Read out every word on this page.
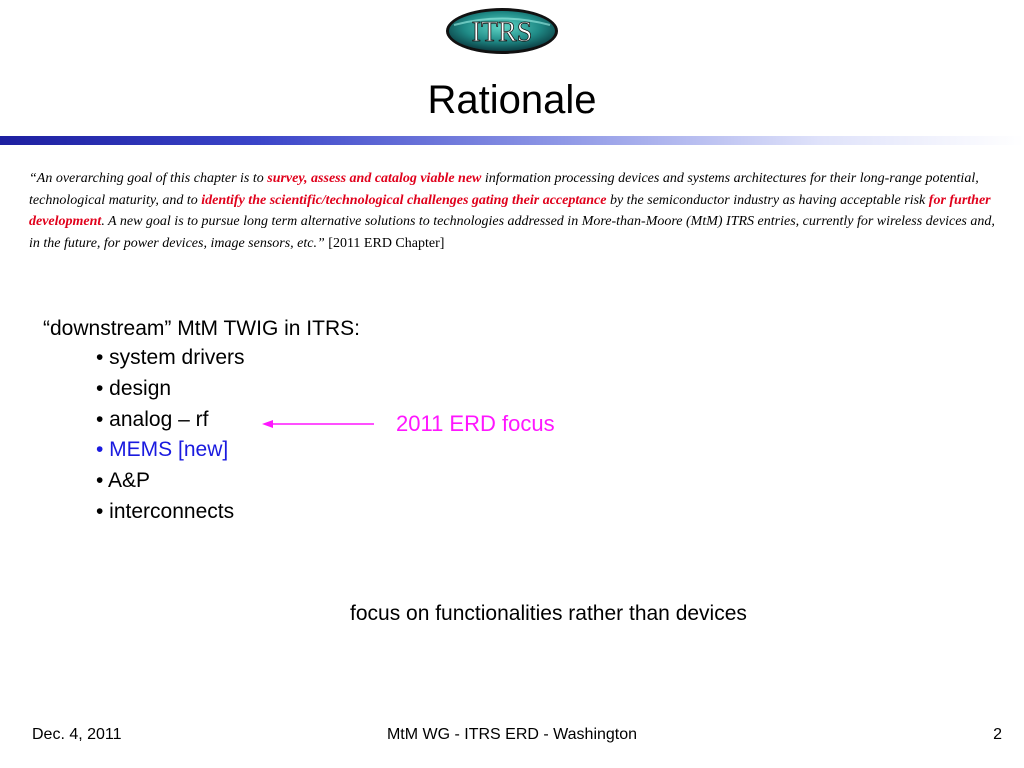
ITRS
Rationale
“An overarching goal of this chapter is to survey, assess and catalog viable new information processing devices and systems architectures for their long-range potential, technological maturity, and to identify the scientific/technological challenges gating their acceptance by the semiconductor industry as having acceptable risk for further development. A new goal is to pursue long term alternative solutions to technologies addressed in More-than-Moore (MtM) ITRS entries, currently for wireless devices and, in the future, for power devices, image sensors, etc.” [2011 ERD Chapter]
“downstream” MtM TWIG in ITRS:
• system drivers
• design
• analog – rf
• MEMS [new]
• A&P
• interconnects
2011 ERD focus
focus on functionalities rather than devices
Dec. 4, 2011	MtM WG - ITRS ERD - Washington	2
